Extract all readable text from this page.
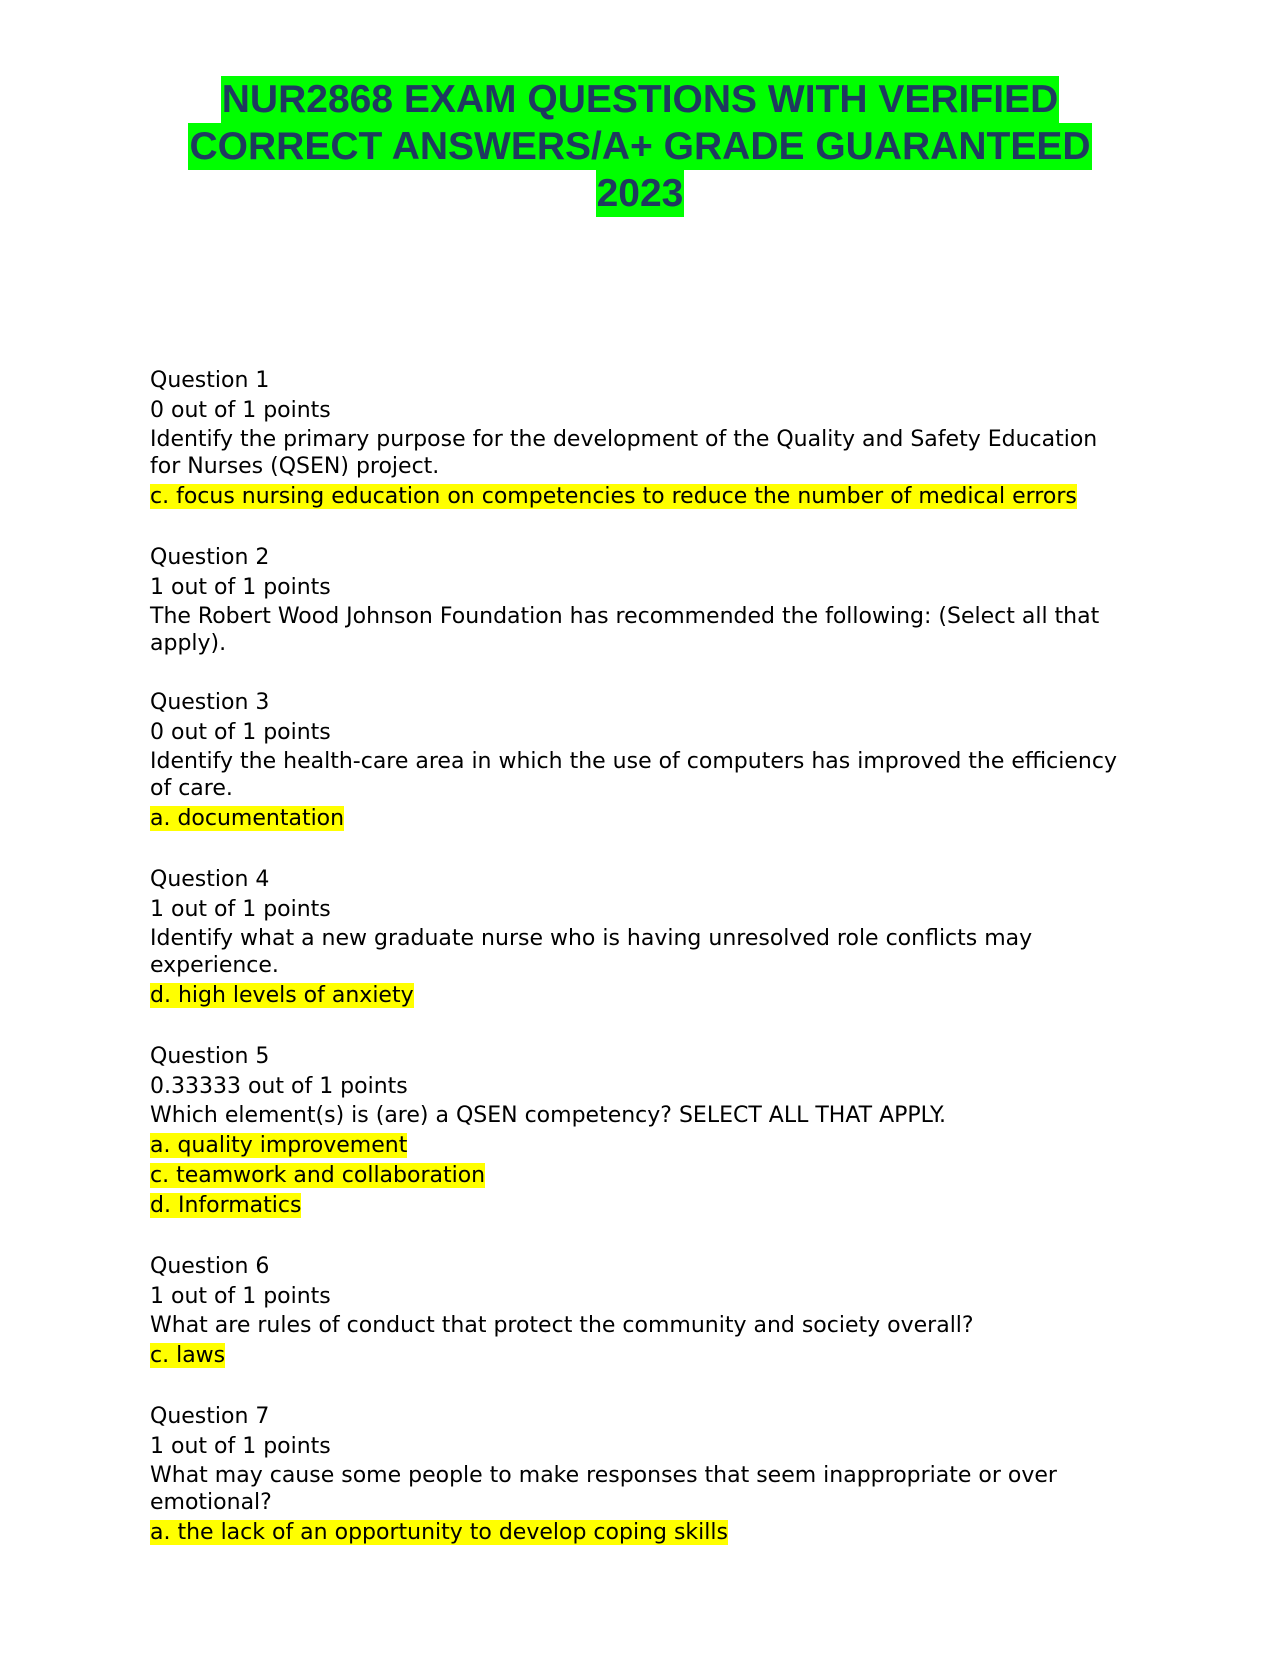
NUR2868 EXAM QUESTIONS WITH VERIFIED
CORRECT ANSWERS/A+ GRADE GUARANTEED
2023
Question 1
0 out of 1 points
Identify the primary purpose for the development of the Quality and Safety Education for Nurses (QSEN) project.
c. focus nursing education on competencies to reduce the number of medical errors
Question 2
1 out of 1 points
The Robert Wood Johnson Foundation has recommended the following: (Select all that apply).
Question 3
0 out of 1 points
Identify the health-care area in which the use of computers has improved the efficiency of care.
a. documentation
Question 4
1 out of 1 points
Identify what a new graduate nurse who is having unresolved role conflicts may experience.
d. high levels of anxiety
Question 5
0.33333 out of 1 points
Which element(s) is (are) a QSEN competency? SELECT ALL THAT APPLY.
a. quality improvement
c. teamwork and collaboration
d. Informatics
Question 6
1 out of 1 points
What are rules of conduct that protect the community and society overall?
c. laws
Question 7
1 out of 1 points
What may cause some people to make responses that seem inappropriate or over emotional?
a. the lack of an opportunity to develop coping skills
